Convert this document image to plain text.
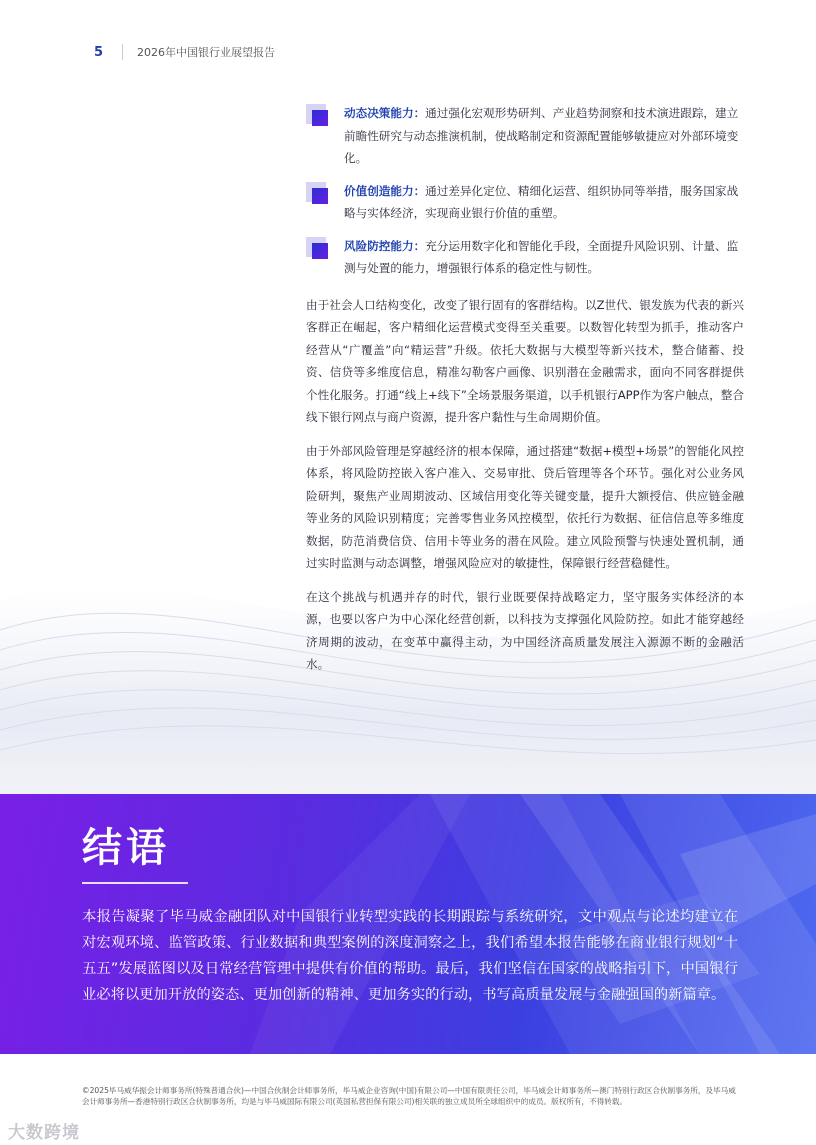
5	2026年中国银行业展望报告
动态决策能力：通过强化宏观形势研判、产业趋势洞察和技术演进跟踪，建立前瞻性研究与动态推演机制，使战略制定和资源配置能够敏捷应对外部环境变化。
价值创造能力：通过差异化定位、精细化运营、组织协同等举措，服务国家战略与实体经济，实现商业银行价值的重塑。
风险防控能力：充分运用数字化和智能化手段，全面提升风险识别、计量、监测与处置的能力，增强银行体系的稳定性与韧性。

由于社会人口结构变化，改变了银行固有的客群结构。以Z世代、银发族为代表的新兴客群正在崛起，客户精细化运营模式变得至关重要。以数智化转型为抓手，推动客户经营从“广覆盖”向“精运营”升级。依托大数据与大模型等新兴技术，整合储蓄、投资、信贷等多维度信息，精准勾勒客户画像、识别潜在金融需求，面向不同客群提供个性化服务。打通“线上+线下”全场景服务渠道，以手机银行APP作为客户触点，整合线下银行网点与商户资源，提升客户黏性与生命周期价值。

由于外部风险管理是穿越经济的根本保障，通过搭建“数据+模型+场景”的智能化风控体系，将风险防控嵌入客户准入、交易审批、贷后管理等各个环节。强化对公业务风险研判，聚焦产业周期波动、区域信用变化等关键变量，提升大额授信、供应链金融等业务的风险识别精度；完善零售业务风控模型，依托行为数据、征信信息等多维度数据，防范消费信贷、信用卡等业务的潜在风险。建立风险预警与快速处置机制，通过实时监测与动态调整，增强风险应对的敏捷性，保障银行经营稳健性。

在这个挑战与机遇并存的时代，银行业既要保持战略定力，坚守服务实体经济的本源，也要以客户为中心深化经营创新，以科技为支撑强化风险防控。如此才能穿越经济周期的波动，在变革中赢得主动，为中国经济高质量发展注入源源不断的金融活水。

结语
本报告凝聚了毕马威金融团队对中国银行业转型实践的长期跟踪与系统研究，文中观点与论述均建立在对宏观环境、监管政策、行业数据和典型案例的深度洞察之上，我们希望本报告能够在商业银行规划“十五五”发展蓝图以及日常经营管理中提供有价值的帮助。最后，我们坚信在国家的战略指引下，中国银行业必将以更加开放的姿态、更加创新的精神、更加务实的行动，书写高质量发展与金融强国的新篇章。
©2025毕马威华振会计师事务所(特殊普通合伙)—中国合伙制会计师事务所，毕马威企业咨询(中国)有限公司—中国有限责任公司，毕马威会计师事务所—澳门特别行政区合伙制事务所，及毕马威会计师事务所—香港特别行政区合伙制事务所，均是与毕马威国际有限公司(英国私营担保有限公司)相关联的独立成员所全球组织中的成员。版权所有，不得转载。
大数跨境
